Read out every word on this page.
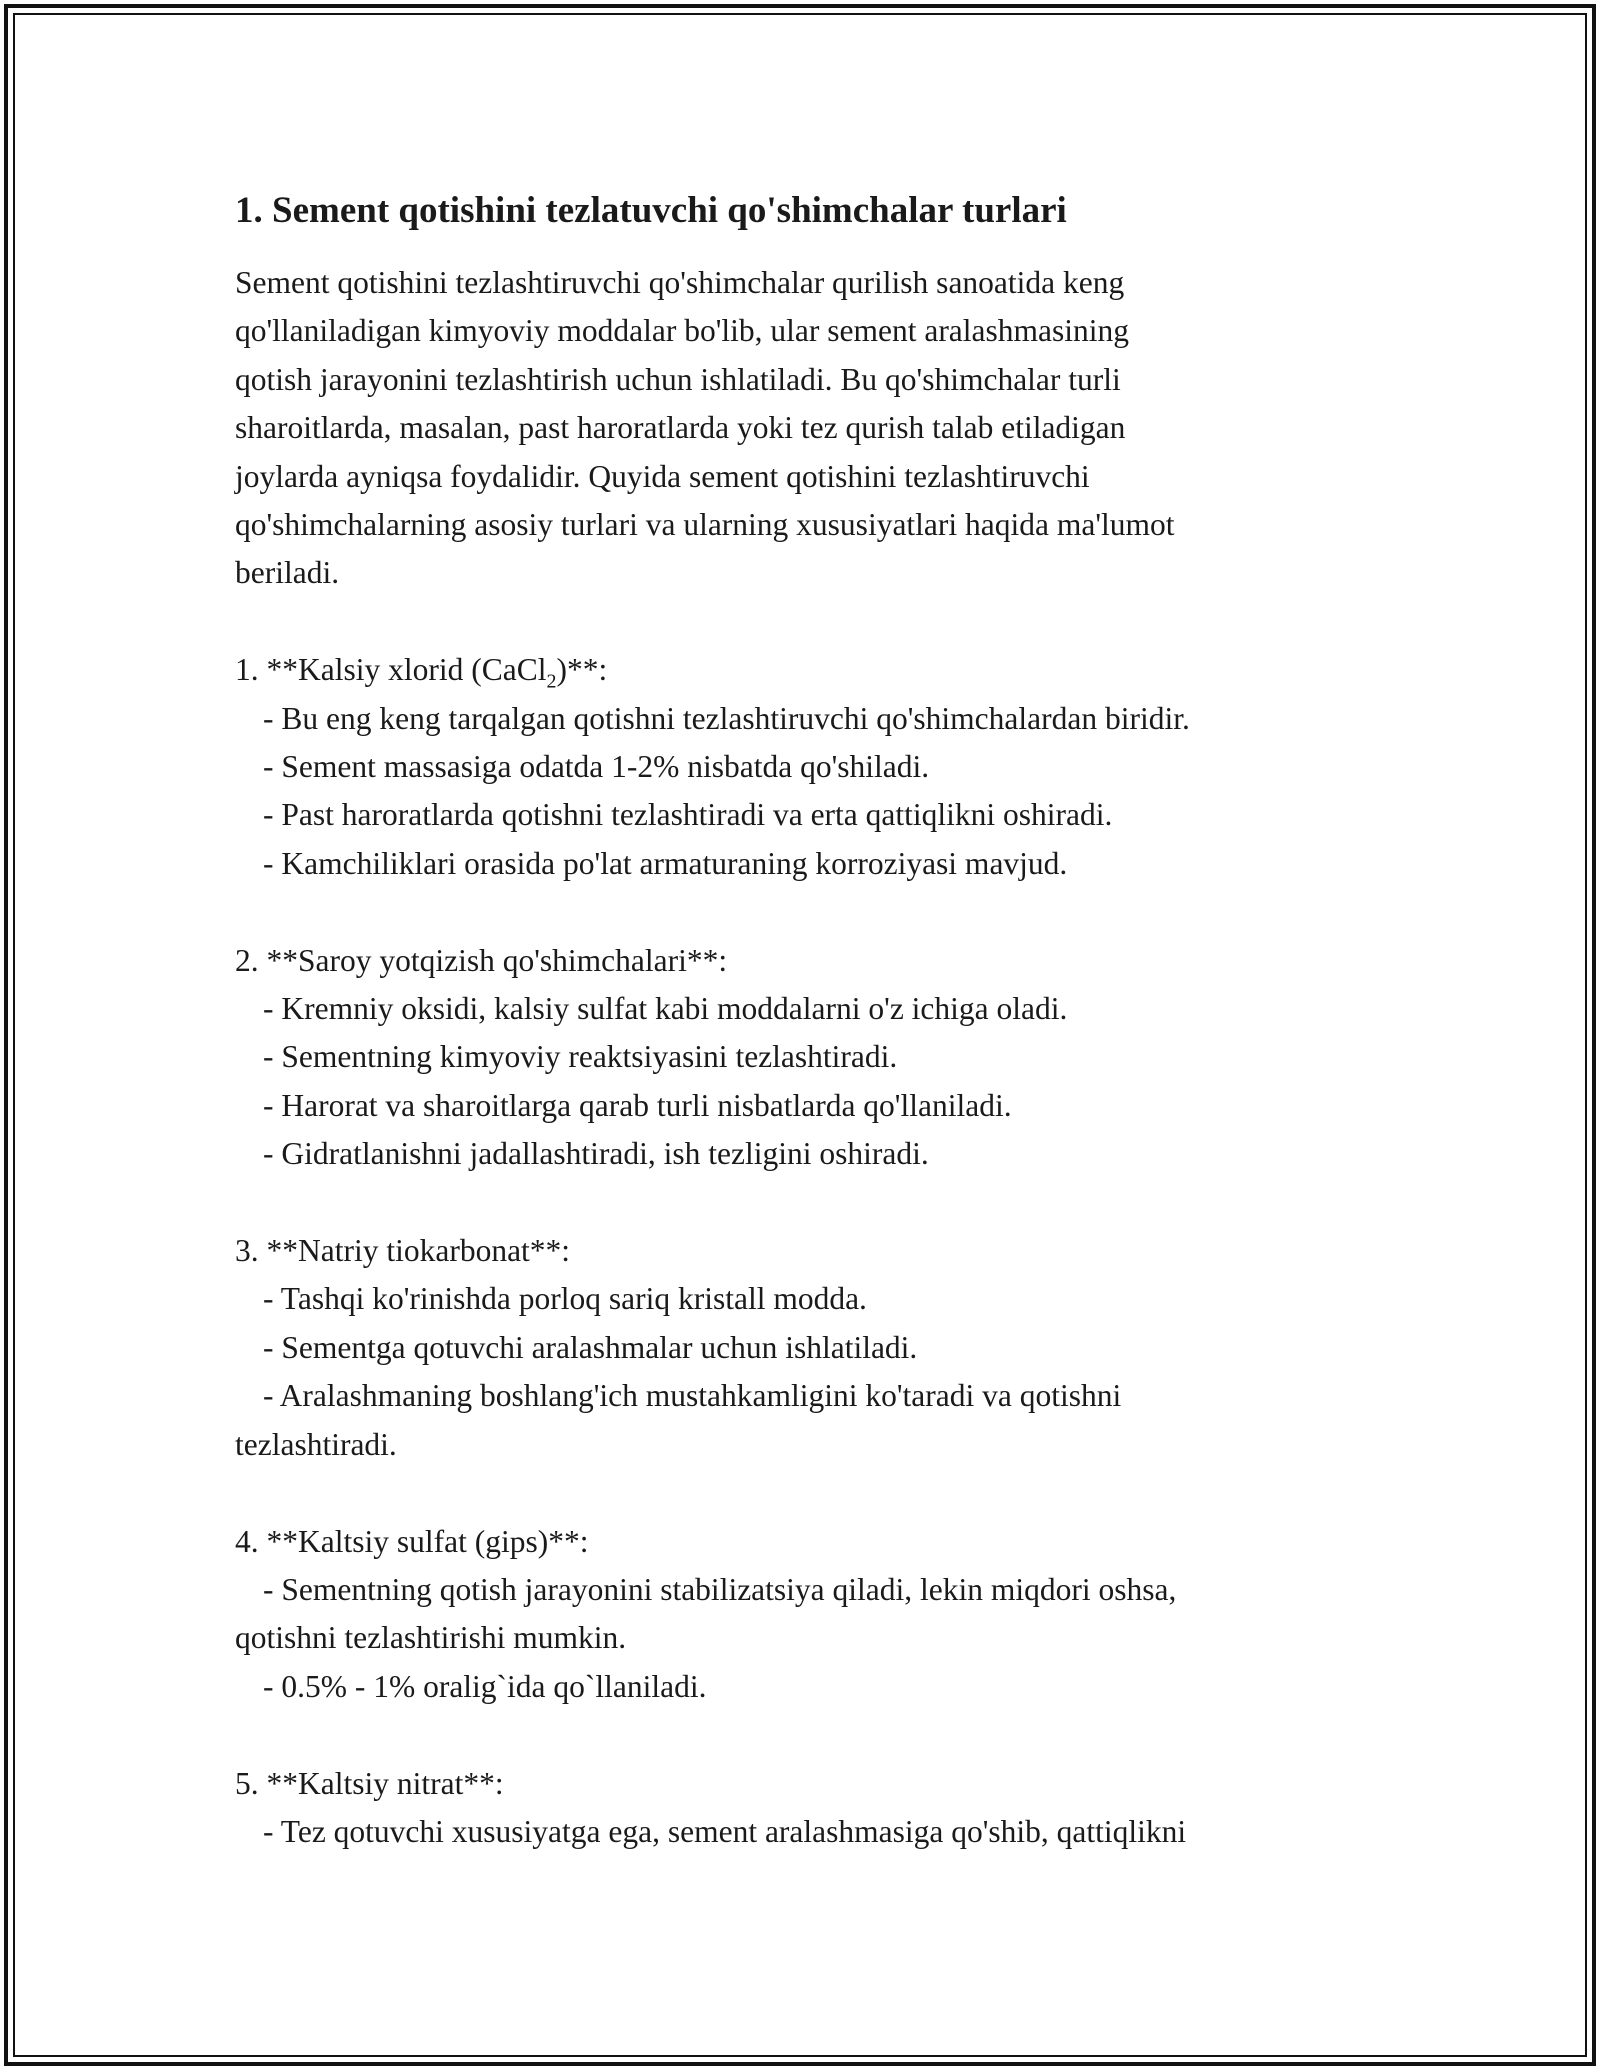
1. Sement qotishini tezlatuvchi qo'shimchalar turlari

Sement qotishini tezlashtiruvchi qo'shimchalar qurilish sanoatida keng
qo'llaniladigan kimyoviy moddalar bo'lib, ular sement aralashmasining
qotish jarayonini tezlashtirish uchun ishlatiladi. Bu qo'shimchalar turli
sharoitlarda, masalan, past haroratlarda yoki tez qurish talab etiladigan
joylarda ayniqsa foydalidir. Quyida sement qotishini tezlashtiruvchi
qo'shimchalarning asosiy turlari va ularning xususiyatlari haqida ma'lumot
beriladi.

1. **Kalsiy xlorid (CaCl$_2$)**:
- Bu eng keng tarqalgan qotishni tezlashtiruvchi qo'shimchalardan biridir.
- Sement massasiga odatda 1-2% nisbatda qo'shiladi.
- Past haroratlarda qotishni tezlashtiradi va erta qattiqlikni oshiradi.
- Kamchiliklari orasida po'lat armaturaning korroziyasi mavjud.
2. **Saroy yotqizish qo'shimchalari**:
- Kremniy oksidi, kalsiy sulfat kabi moddalarni o'z ichiga oladi.
- Sementning kimyoviy reaktsiyasini tezlashtiradi.
- Harorat va sharoitlarga qarab turli nisbatlarda qo'llaniladi.
- Gidratlanishni jadallashtiradi, ish tezligini oshiradi.
3. **Natriy tiokarbonat**:
- Tashqi ko'rinishda porloq sariq kristall modda.
- Sementga qotuvchi aralashmalar uchun ishlatiladi.
- Aralashmaning boshlang'ich mustahkamligini ko'taradi va qotishni
tezlashtiradi.
4. **Kaltsiy sulfat (gips)**:
- Sementning qotish jarayonini stabilizatsiya qiladi, lekin miqdori oshsa,
qotishni tezlashtirishi mumkin.
- 0.5% - 1% oralig`ida qo`llaniladi.
5. **Kaltsiy nitrat**:
- Tez qotuvchi xususiyatga ega, sement aralashmasiga qo'shib, qattiqlikni
